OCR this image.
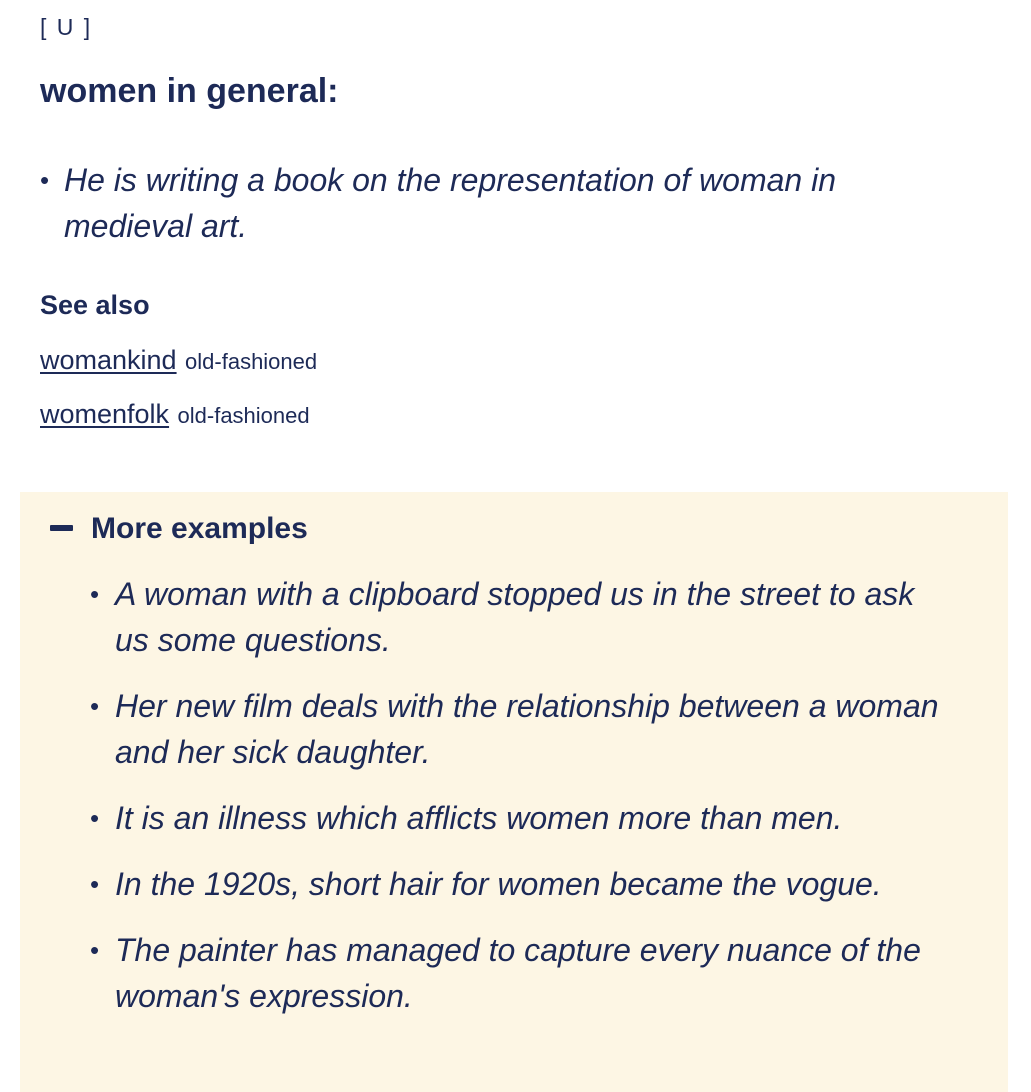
[ U ]
women in general:
• He is writing a book on the representation of woman in medieval art.
See also
womankind old-fashioned
womenfolk old-fashioned
More examples
• A woman with a clipboard stopped us in the street to ask us some questions.
• Her new film deals with the relationship between a woman and her sick daughter.
• It is an illness which afflicts women more than men.
• In the 1920s, short hair for women became the vogue.
• The painter has managed to capture every nuance of the woman's expression.
